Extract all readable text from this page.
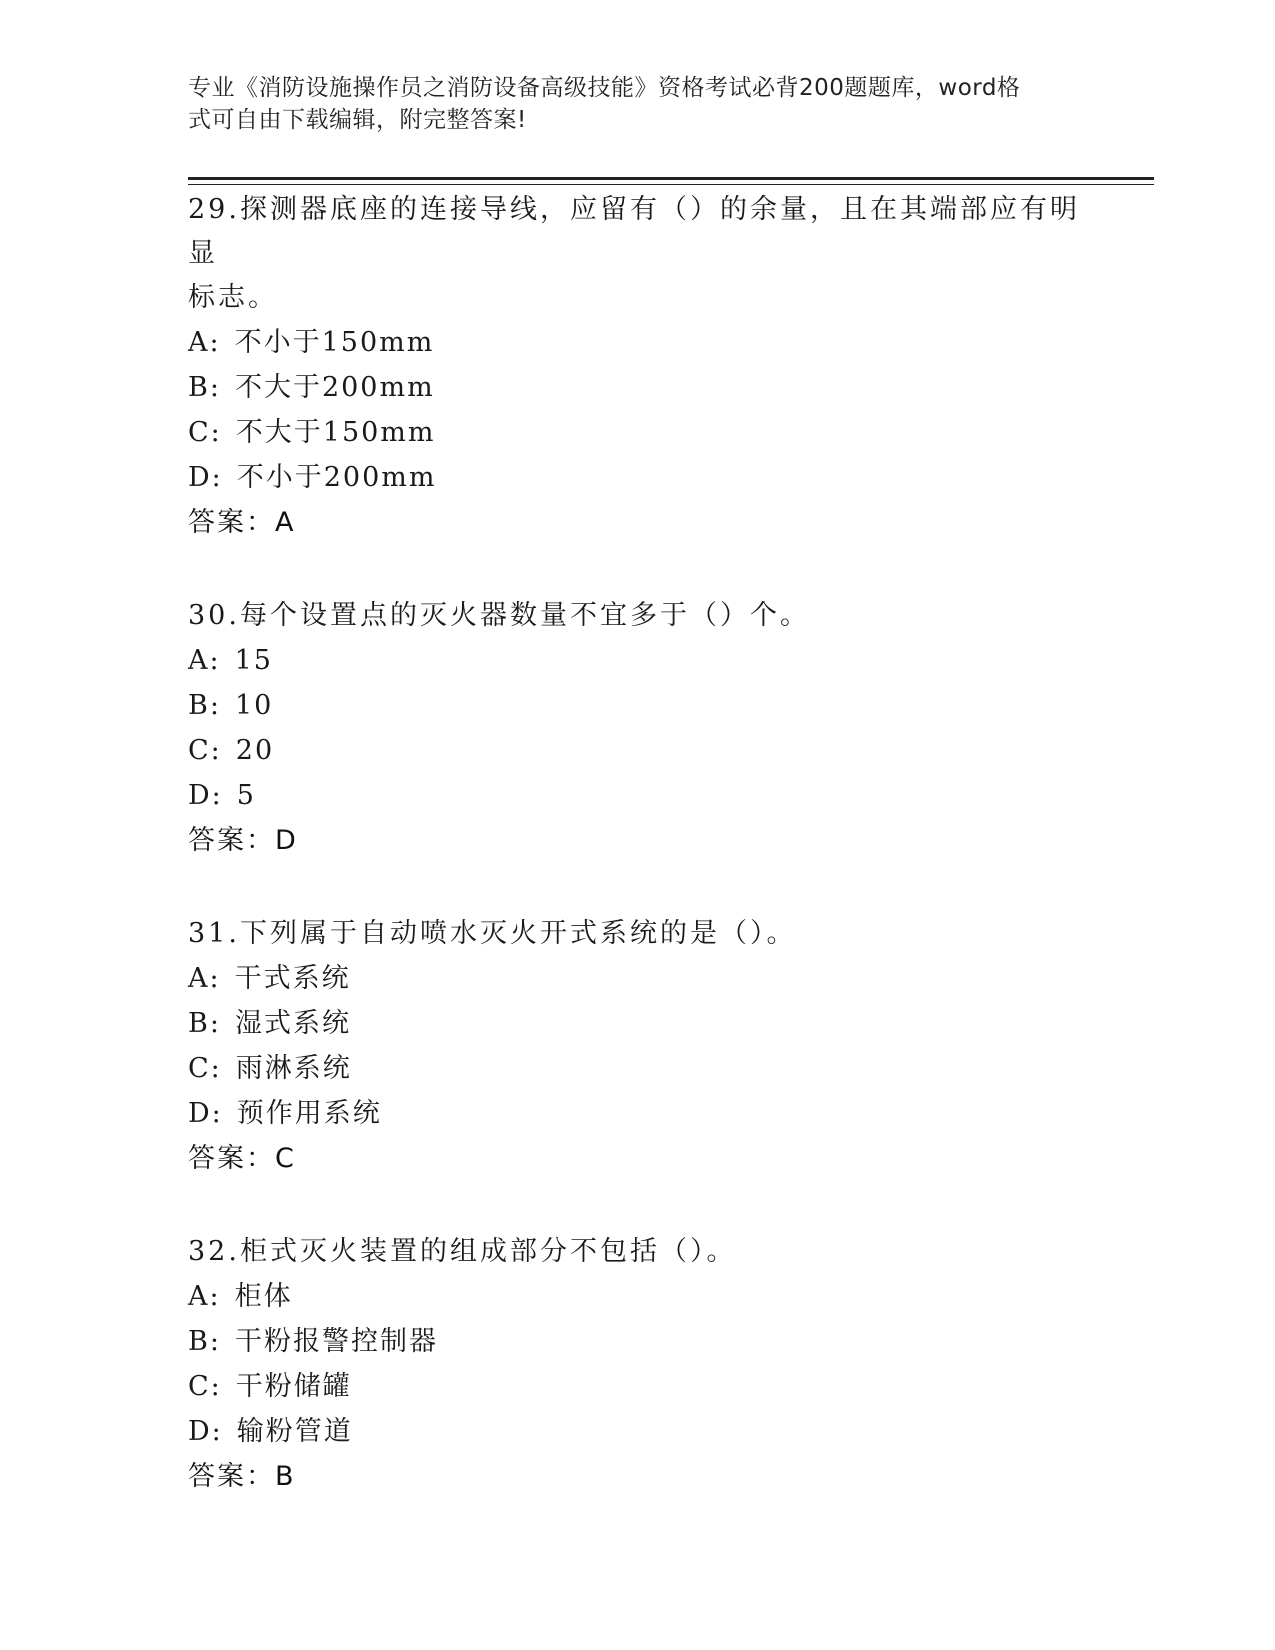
专业《消防设施操作员之消防设备高级技能》资格考试必背200题题库，word格
式可自由下载编辑，附完整答案!

29.探测器底座的连接导线，应留有（）的余量，且在其端部应有明显

标志。

A: 不小于150mm

B: 不大于200mm

C: 不大于150mm

D: 不小于200mm

答案：A

30.每个设置点的灭火器数量不宜多于（）个。

A: 15

B: 10

C: 20

D: 5

答案：D

31.下列属于自动喷水灭火开式系统的是（）。

A: 干式系统

B: 湿式系统

C: 雨淋系统

D: 预作用系统

答案：C

32.柜式灭火装置的组成部分不包括（）。

A: 柜体

B: 干粉报警控制器

C: 干粉储罐

D: 输粉管道

答案：B
